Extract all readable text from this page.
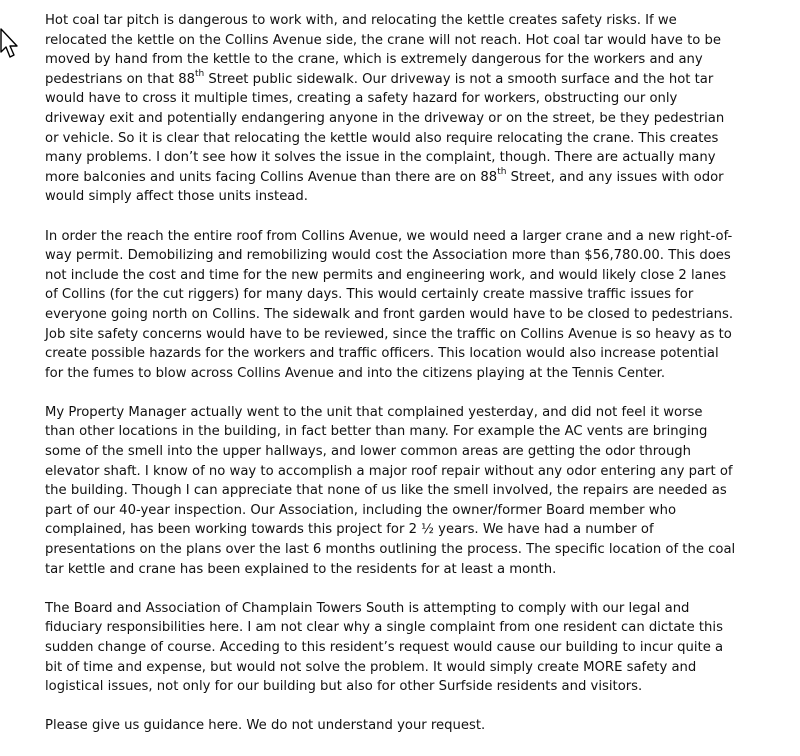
Hot coal tar pitch is dangerous to work with, and relocating the kettle creates safety risks. If we
relocated the kettle on the Collins Avenue side, the crane will not reach. Hot coal tar would have to be
moved by hand from the kettle to the crane, which is extremely dangerous for the workers and any
pedestrians on that 88th Street public sidewalk. Our driveway is not a smooth surface and the hot tar
would have to cross it multiple times, creating a safety hazard for workers, obstructing our only
driveway exit and potentially endangering anyone in the driveway or on the street, be they pedestrian
or vehicle. So it is clear that relocating the kettle would also require relocating the crane. This creates
many problems. I don’t see how it solves the issue in the complaint, though. There are actually many
more balconies and units facing Collins Avenue than there are on 88th Street, and any issues with odor
would simply affect those units instead.

In order the reach the entire roof from Collins Avenue, we would need a larger crane and a new right-of-
way permit. Demobilizing and remobilizing would cost the Association more than $56,780.00. This does
not include the cost and time for the new permits and engineering work, and would likely close 2 lanes
of Collins (for the cut riggers) for many days. This would certainly create massive traffic issues for
everyone going north on Collins. The sidewalk and front garden would have to be closed to pedestrians.
Job site safety concerns would have to be reviewed, since the traffic on Collins Avenue is so heavy as to
create possible hazards for the workers and traffic officers. This location would also increase potential
for the fumes to blow across Collins Avenue and into the citizens playing at the Tennis Center.

My Property Manager actually went to the unit that complained yesterday, and did not feel it worse
than other locations in the building, in fact better than many. For example the AC vents are bringing
some of the smell into the upper hallways, and lower common areas are getting the odor through
elevator shaft. I know of no way to accomplish a major roof repair without any odor entering any part of
the building. Though I can appreciate that none of us like the smell involved, the repairs are needed as
part of our 40-year inspection. Our Association, including the owner/former Board member who
complained, has been working towards this project for 2 ½ years. We have had a number of
presentations on the plans over the last 6 months outlining the process. The specific location of the coal
tar kettle and crane has been explained to the residents for at least a month.

The Board and Association of Champlain Towers South is attempting to comply with our legal and
fiduciary responsibilities here. I am not clear why a single complaint from one resident can dictate this
sudden change of course. Acceding to this resident’s request would cause our building to incur quite a
bit of time and expense, but would not solve the problem. It would simply create MORE safety and
logistical issues, not only for our building but also for other Surfside residents and visitors.

Please give us guidance here. We do not understand your request.
